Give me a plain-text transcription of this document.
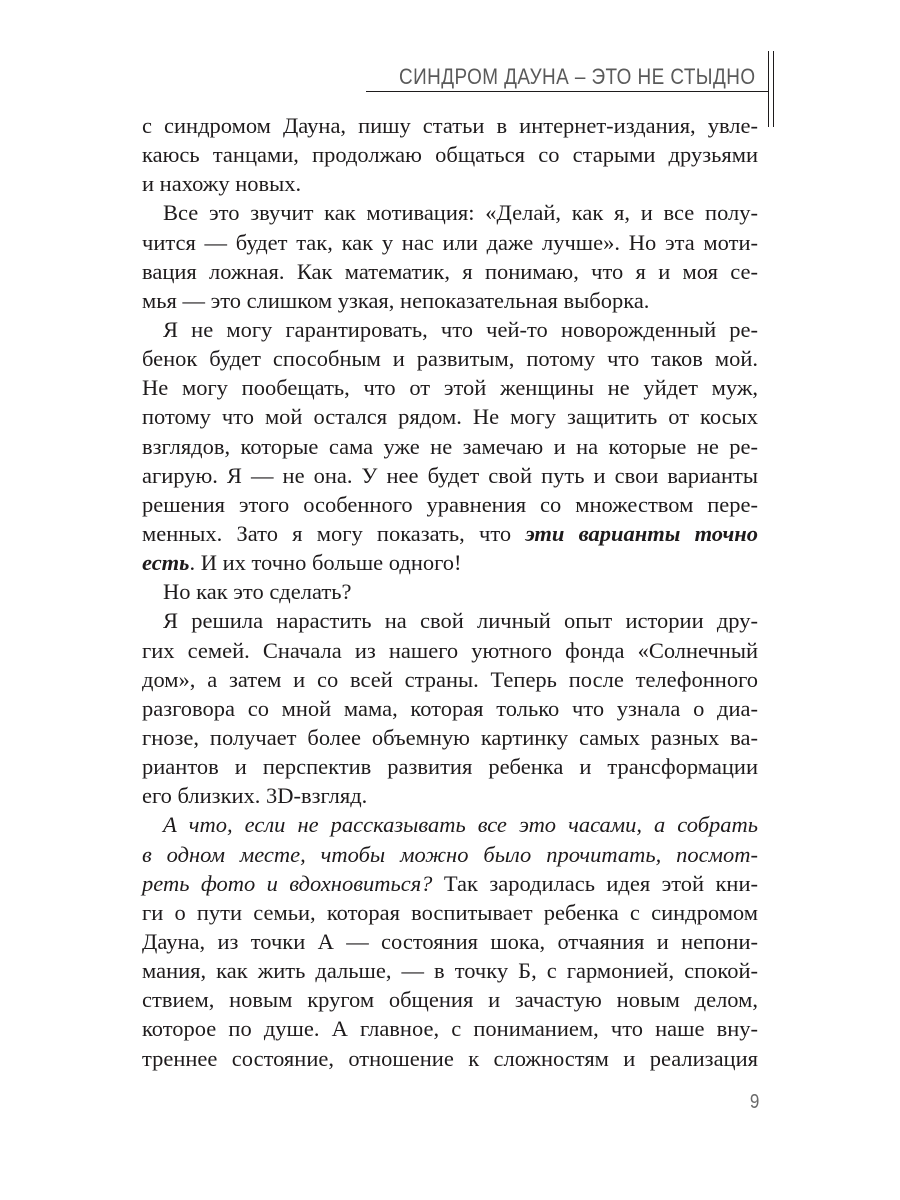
СИНДРОМ ДАУНА – ЭТО НЕ СТЫДНО
с синдромом Дауна, пишу статьи в интернет-издания, увле-
каюсь танцами, продолжаю общаться со старыми друзьями
и нахожу новых.
Все это звучит как мотивация: «Делай, как я, и все полу-
чится — будет так, как у нас или даже лучше». Но эта моти-
вация ложная. Как математик, я понимаю, что я и моя се-
мья — это слишком узкая, непоказательная выборка.
Я не могу гарантировать, что чей-то новорожденный ре-
бенок будет способным и развитым, потому что таков мой.
Не могу пообещать, что от этой женщины не уйдет муж,
потому что мой остался рядом. Не могу защитить от косых
взглядов, которые сама уже не замечаю и на которые не ре-
агирую. Я — не она. У нее будет свой путь и свои варианты
решения этого особенного уравнения со множеством пере-
менных. Зато я могу показать, что эти варианты точно
есть. И их точно больше одного!
Но как это сделать?
Я решила нарастить на свой личный опыт истории дру-
гих семей. Сначала из нашего уютного фонда «Солнечный
дом», а затем и со всей страны. Теперь после телефонного
разговора со мной мама, которая только что узнала о диа-
гнозе, получает более объемную картинку самых разных ва-
риантов и перспектив развития ребенка и трансформации
его близких. 3D-взгляд.
А что, если не рассказывать все это часами, а собрать
в одном месте, чтобы можно было прочитать, посмот-
реть фото и вдохновиться? Так зародилась идея этой кни-
ги о пути семьи, которая воспитывает ребенка с синдромом
Дауна, из точки А — состояния шока, отчаяния и непони-
мания, как жить дальше, — в точку Б, с гармонией, спокой-
ствием, новым кругом общения и зачастую новым делом,
которое по душе. А главное, с пониманием, что наше вну-
треннее состояние, отношение к сложностям и реализация
9
